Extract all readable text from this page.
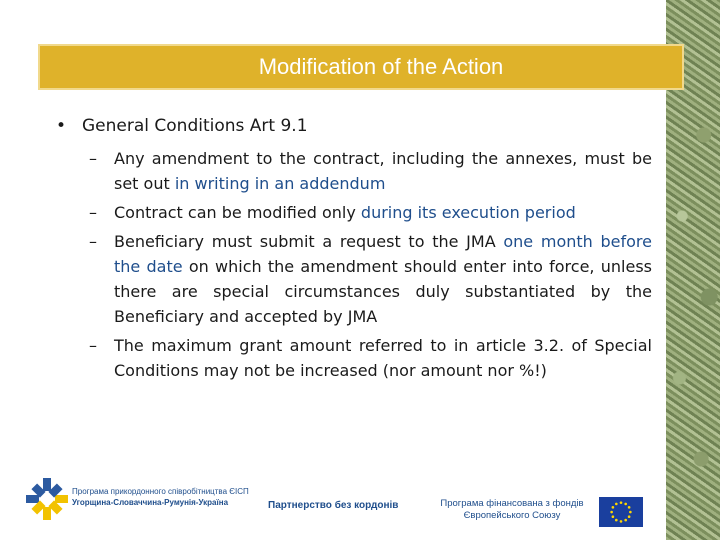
Modification of the Action
• General Conditions Art 9.1
–	Any amendment to the contract, including the annexes, must be set out in writing in an addendum
–	Contract can be modified only during its execution period
–	Beneficiary must submit a request to the JMA one month before the date on which the amendment should enter into force, unless there are special circumstances duly substantiated by the Beneficiary and accepted by JMA
–	The maximum grant amount referred to in article 3.2. of Special Conditions may not be increased (nor amount nor %!)
Програма прикордонного співробітництва ЄІСП
Угорщина-Словаччина-Румунія-Україна	Партнерство без кордонів	Програма фінансована з фондів
Європейського Союзу
